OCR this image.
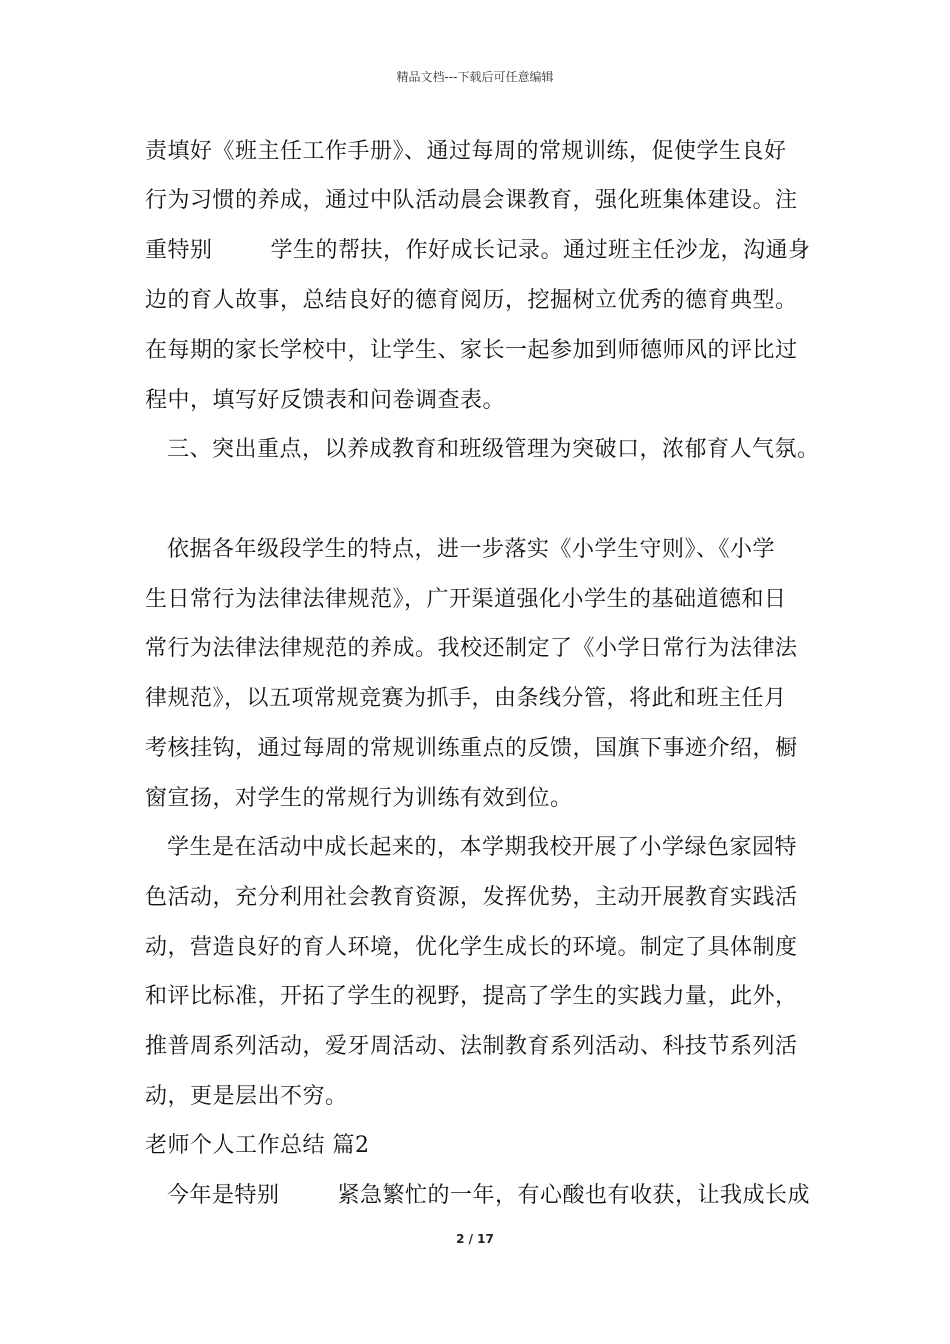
精品文档---下载后可任意编辑
责填好《班主任工作手册》、通过每周的常规训练，促使学生良好
行为习惯的养成，通过中队活动晨会课教育，强化班集体建设。注
重特别	学生的帮扶，作好成长记录。通过班主任沙龙，沟通身
边的育人故事，总结良好的德育阅历，挖掘树立优秀的德育典型。
在每期的家长学校中，让学生、家长一起参加到师德师风的评比过
程中，填写好反馈表和问卷调查表。
三、突出重点，以养成教育和班级管理为突破口，浓郁育人气氛。
依据各年级段学生的特点，进一步落实《小学生守则》、《小学
生日常行为法律法律规范》，广开渠道强化小学生的基础道德和日
常行为法律法律规范的养成。我校还制定了《小学日常行为法律法
律规范》，以五项常规竞赛为抓手，由条线分管，将此和班主任月
考核挂钩，通过每周的常规训练重点的反馈，国旗下事迹介绍，橱
窗宣扬，对学生的常规行为训练有效到位。
学生是在活动中成长起来的，本学期我校开展了小学绿色家园特
色活动，充分利用社会教育资源，发挥优势，主动开展教育实践活
动，营造良好的育人环境，优化学生成长的环境。制定了具体制度
和评比标准，开拓了学生的视野，提高了学生的实践力量，此外，
推普周系列活动，爱牙周活动、法制教育系列活动、科技节系列活
动，更是层出不穷。
老师个人工作总结 篇2
今年是特别	紧急繁忙的一年，有心酸也有收获，让我成长成
2 / 17
